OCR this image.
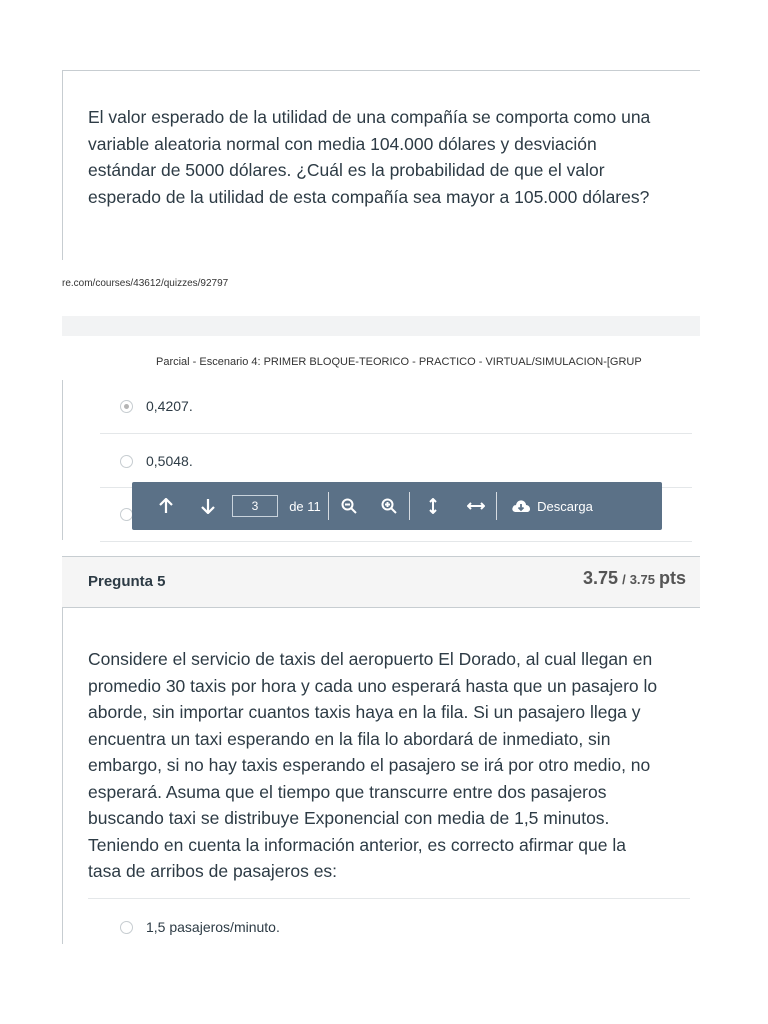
El valor esperado de la utilidad de una compañía se comporta como una
variable aleatoria normal con media 104.000 dólares y desviación
estándar de 5000 dólares. ¿Cuál es la probabilidad de que el valor
esperado de la utilidad de esta compañía sea mayor a 105.000 dólares?
re.com/courses/43612/quizzes/92797
Parcial - Escenario 4: PRIMER BLOQUE-TEORICO - PRACTICO - VIRTUAL/SIMULACION-[GRUP
0,4207.
0,5048.
3	de 11	Descarga
Pregunta 5	3.75 / 3.75 pts
Considere el servicio de taxis del aeropuerto El Dorado, al cual llegan en
promedio 30 taxis por hora y cada uno esperará hasta que un pasajero lo
aborde, sin importar cuantos taxis haya en la fila. Si un pasajero llega y
encuentra un taxi esperando en la fila lo abordará de inmediato, sin
embargo, si no hay taxis esperando el pasajero se irá por otro medio, no
esperará. Asuma que el tiempo que transcurre entre dos pasajeros
buscando taxi se distribuye Exponencial con media de 1,5 minutos.
Teniendo en cuenta la información anterior, es correcto afirmar que la
tasa de arribos de pasajeros es:
1,5 pasajeros/minuto.
